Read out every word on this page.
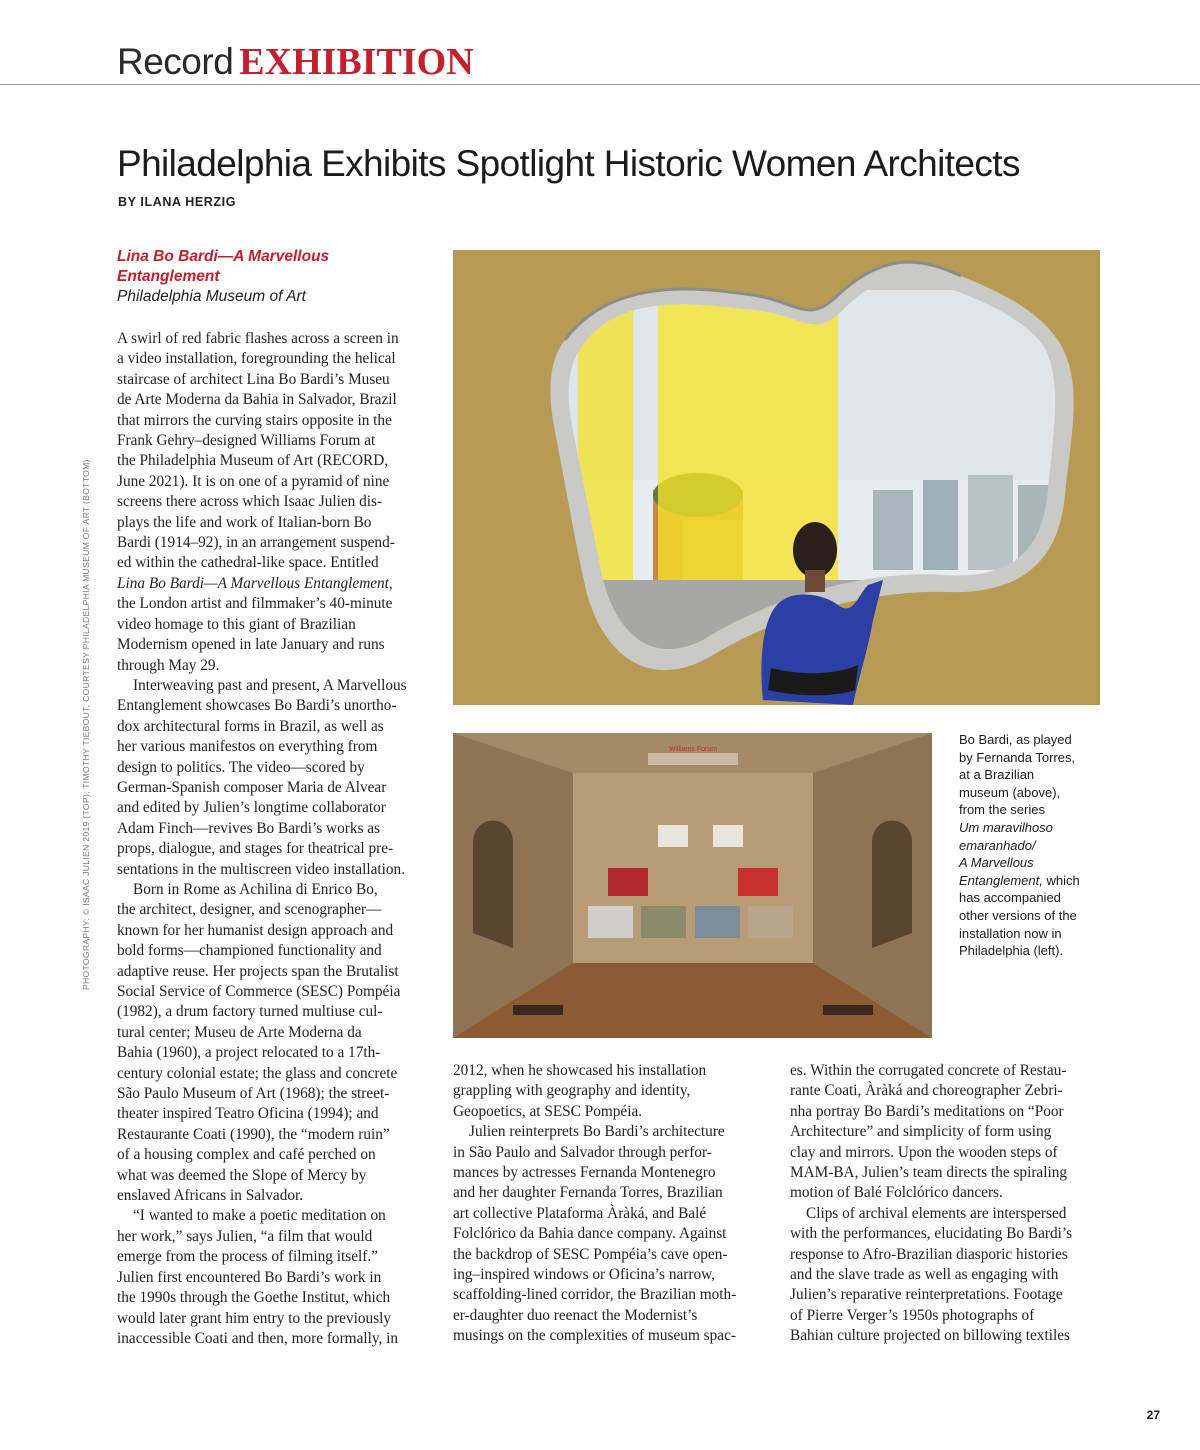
Record EXHIBITION
Philadelphia Exhibits Spotlight Historic Women Architects
BY ILANA HERZIG
Lina Bo Bardi—A Marvellous Entanglement
Philadelphia Museum of Art

A swirl of red fabric flashes across a screen in

a video installation, foregrounding the helical

staircase of architect Lina Bo Bardi’s Museu

de Arte Moderna da Bahia in Salvador, Brazil

that mirrors the curving stairs opposite in the

Frank Gehry–designed Williams Forum at

the Philadelphia Museum of Art (RECORD,

June 2021). It is on one of a pyramid of nine

screens there across which Isaac Julien dis-

plays the life and work of Italian-born Bo

Bardi (1914–92), in an arrangement suspend-

ed within the cathedral-like space. Entitled

Lina Bo Bardi—A Marvellous Entanglement,

the London artist and filmmaker’s 40-minute

video homage to this giant of Brazilian

Modernism opened in late January and runs

through May 29.

Interweaving past and present, A Marvellous

Entanglement showcases Bo Bardi’s unortho-

dox architectural forms in Brazil, as well as

her various manifestos on everything from

design to politics. The video—scored by

German-Spanish composer Maria de Alvear

and edited by Julien’s longtime collaborator

Adam Finch—revives Bo Bardi’s works as

props, dialogue, and stages for theatrical pre-

sentations in the multiscreen video installation.

Born in Rome as Achilina di Enrico Bo,

the architect, designer, and scenographer—

known for her humanist design approach and

bold forms—championed functionality and

adaptive reuse. Her projects span the Brutalist

Social Service of Commerce (SESC) Pompéia

(1982), a drum factory turned multiuse cul-

tural center; Museu de Arte Moderna da

Bahia (1960), a project relocated to a 17th-

century colonial estate; the glass and concrete

São Paulo Museum of Art (1968); the street-

theater inspired Teatro Oficina (1994); and

Restaurante Coati (1990), the “modern ruin”

of a housing complex and café perched on

what was deemed the Slope of Mercy by

enslaved Africans in Salvador.

“I wanted to make a poetic meditation on

her work,” says Julien, “a film that would

emerge from the process of filming itself.”

Julien first encountered Bo Bardi’s work in

the 1990s through the Goethe Institut, which

would later grant him entry to the previously

inaccessible Coati and then, more formally, in

2012, when he showcased his installation

grappling with geography and identity,

Geopoetics, at SESC Pompéia.

Julien reinterprets Bo Bardi’s architecture

in São Paulo and Salvador through perfor-

mances by actresses Fernanda Montenegro

and her daughter Fernanda Torres, Brazilian

art collective Plataforma Àràká, and Balé

Folclórico da Bahia dance company. Against

the backdrop of SESC Pompéia’s cave open-

ing–inspired windows or Oficina’s narrow,

scaffolding-lined corridor, the Brazilian moth-

er-daughter duo reenact the Modernist’s

musings on the complexities of museum spac-

es. Within the corrugated concrete of Restau-

rante Coati, Àràká and choreographer Zebri-

nha portray Bo Bardi’s meditations on “Poor

Architecture” and simplicity of form using

clay and mirrors. Upon the wooden steps of

MAM-BA, Julien’s team directs the spiraling

motion of Balé Folclórico dancers.

Clips of archival elements are interspersed

with the performances, elucidating Bo Bardi’s

response to Afro-Brazilian diasporic histories

and the slave trade as well as engaging with

Julien’s reparative reinterpretations. Footage

of Pierre Verger’s 1950s photographs of

Bahian culture projected on billowing textiles

PHOTOGRAPHY: © ISAAC JULIEN 2019 (TOP); TIMOTHY TIEBOUT, COURTESY PHILADELPHIA MUSEUM OF ART (BOTTOM)	Williams Forum
Bo Bardi, as played
by Fernanda Torres,
at a Brazilian
museum (above),
from the series
Um maravilhoso
emaranhado/
A Marvellous
Entanglement, which
has accompanied
other versions of the
installation now in
Philadelphia (left).
27
